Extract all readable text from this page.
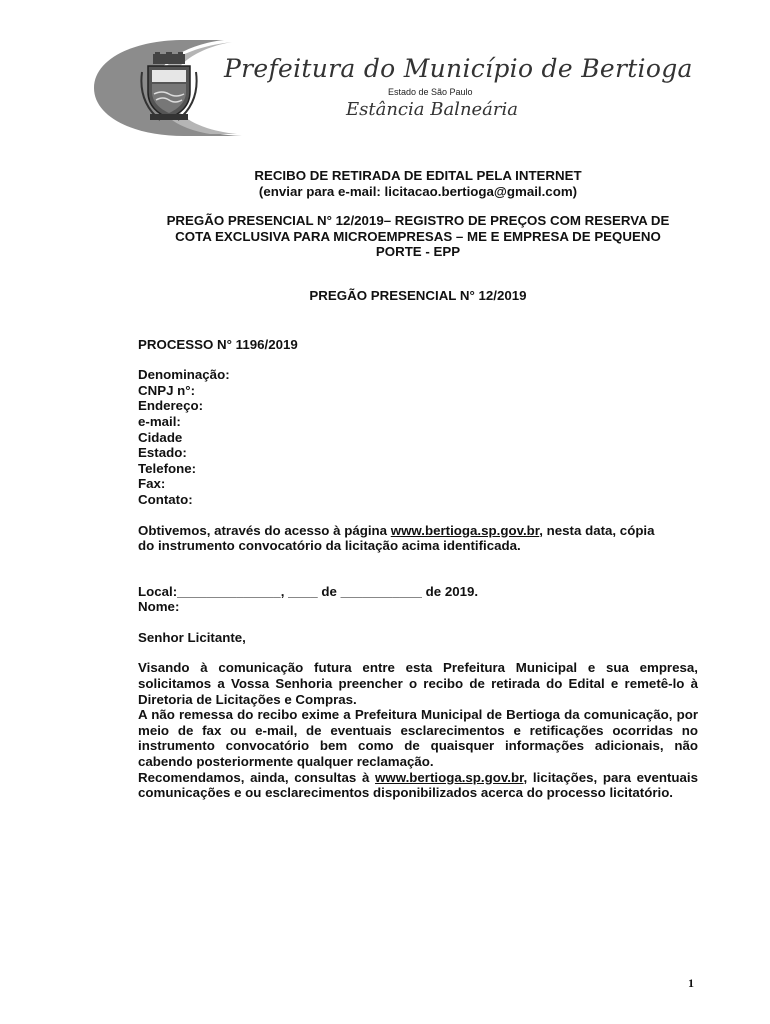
Prefeitura do Município de Bertioga
Estado de São Paulo
Estância Balneária

RECIBO DE RETIRADA DE EDITAL PELA INTERNET

(enviar para e-mail: licitacao.bertioga@gmail.com)

PREGÃO PRESENCIAL N° 12/2019– REGISTRO DE PREÇOS COM RESERVA DE

COTA EXCLUSIVA PARA MICROEMPRESAS – ME E EMPRESA DE PEQUENO

PORTE - EPP

PREGÃO PRESENCIAL N° 12/2019

PROCESSO N° 1196/2019

Denominação:

CNPJ n°:

Endereço:

e-mail:

Cidade

Estado:

Telefone:

Fax:

Contato:

Obtivemos, através do acesso à página www.bertioga.sp.gov.br, nesta data, cópia

do instrumento convocatório da licitação acima identificada.

Local:______________, ____ de ___________ de 2019.

Nome:

Senhor Licitante,

Visando à comunicação futura entre esta Prefeitura Municipal e sua empresa, solicitamos a Vossa Senhoria preencher o recibo de retirada do Edital e remetê-lo à Diretoria de Licitações e Compras.

A não remessa do recibo exime a Prefeitura Municipal de Bertioga da comunicação, por meio de fax ou e-mail, de eventuais esclarecimentos e retificações ocorridas no instrumento convocatório bem como de quaisquer informações adicionais, não cabendo posteriormente qualquer reclamação.

Recomendamos, ainda, consultas à www.bertioga.sp.gov.br, licitações, para eventuais comunicações e ou esclarecimentos disponibilizados acerca do processo licitatório.

1
